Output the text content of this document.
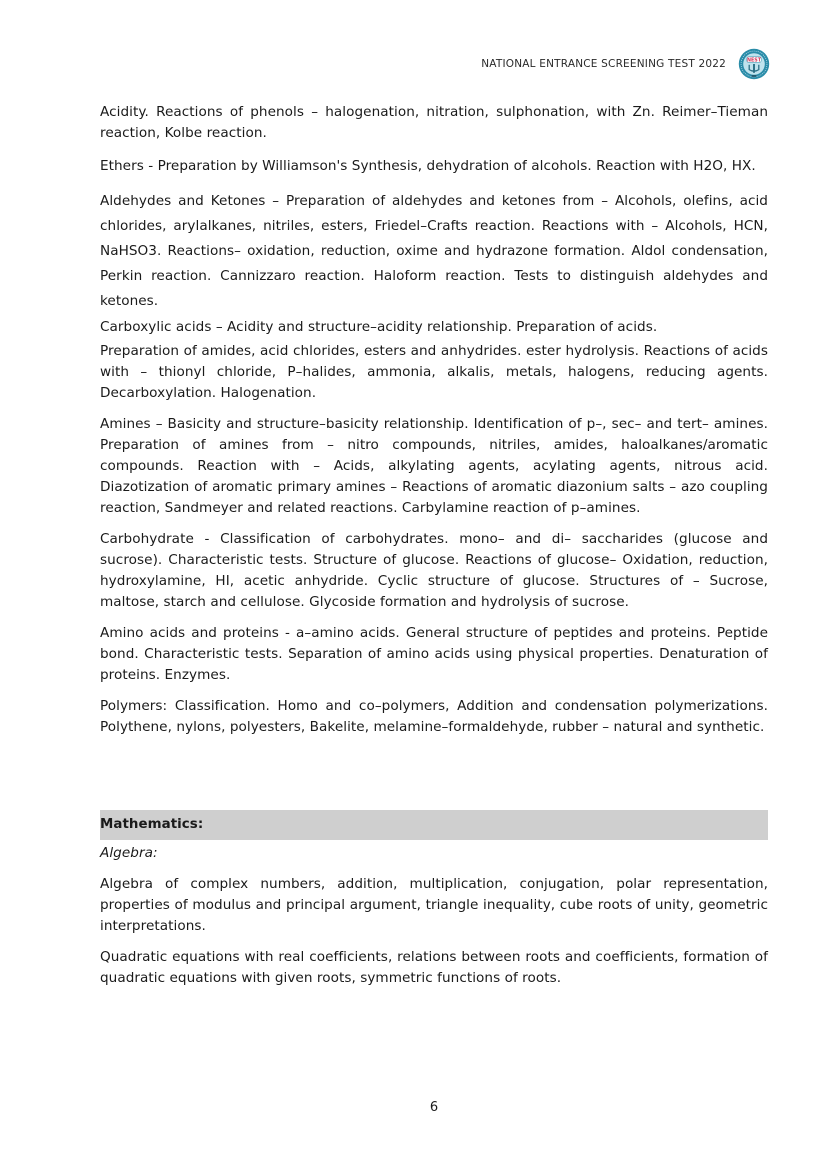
NATIONAL ENTRANCE SCREENING TEST 2022	NEST

Acidity. Reactions of phenols – halogenation, nitration, sulphonation, with Zn. Reimer–Tieman reaction, Kolbe reaction.

Ethers - Preparation by Williamson's Synthesis, dehydration of alcohols. Reaction with H2O, HX.

Aldehydes and Ketones – Preparation of aldehydes and ketones from – Alcohols, olefins, acid chlorides, arylalkanes, nitriles, esters, Friedel–Crafts reaction. Reactions with – Alcohols, HCN, NaHSO3. Reactions– oxidation, reduction, oxime and hydrazone formation. Aldol condensation, Perkin reaction. Cannizzaro reaction. Haloform reaction. Tests to distinguish aldehydes and ketones.

Carboxylic acids – Acidity and structure–acidity relationship. Preparation of acids.

Preparation of amides, acid chlorides, esters and anhydrides. ester hydrolysis. Reactions of acids with – thionyl chloride, P–halides, ammonia, alkalis, metals, halogens, reducing agents. Decarboxylation. Halogenation.

Amines – Basicity and structure–basicity relationship. Identification of p–, sec– and tert– amines. Preparation of amines from – nitro compounds, nitriles, amides, haloalkanes/aromatic compounds. Reaction with – Acids, alkylating agents, acylating agents, nitrous acid. Diazotization of aromatic primary amines – Reactions of aromatic diazonium salts – azo coupling reaction, Sandmeyer and related reactions. Carbylamine reaction of p–amines.

Carbohydrate - Classification of carbohydrates. mono– and di– saccharides (glucose and sucrose). Characteristic tests. Structure of glucose. Reactions of glucose– Oxidation, reduction, hydroxylamine, HI, acetic anhydride. Cyclic structure of glucose. Structures of – Sucrose, maltose, starch and cellulose. Glycoside formation and hydrolysis of sucrose.

Amino acids and proteins - a–amino acids. General structure of peptides and proteins. Peptide bond. Characteristic tests. Separation of amino acids using physical properties. Denaturation of proteins. Enzymes.

Polymers: Classification. Homo and co–polymers, Addition and condensation polymerizations. Polythene, nylons, polyesters, Bakelite, melamine–formaldehyde, rubber – natural and synthetic.

Mathematics:
Algebra:

Algebra of complex numbers, addition, multiplication, conjugation, polar representation, properties of modulus and principal argument, triangle inequality, cube roots of unity, geometric interpretations.

Quadratic equations with real coefficients, relations between roots and coefficients, formation of quadratic equations with given roots, symmetric functions of roots.

6
